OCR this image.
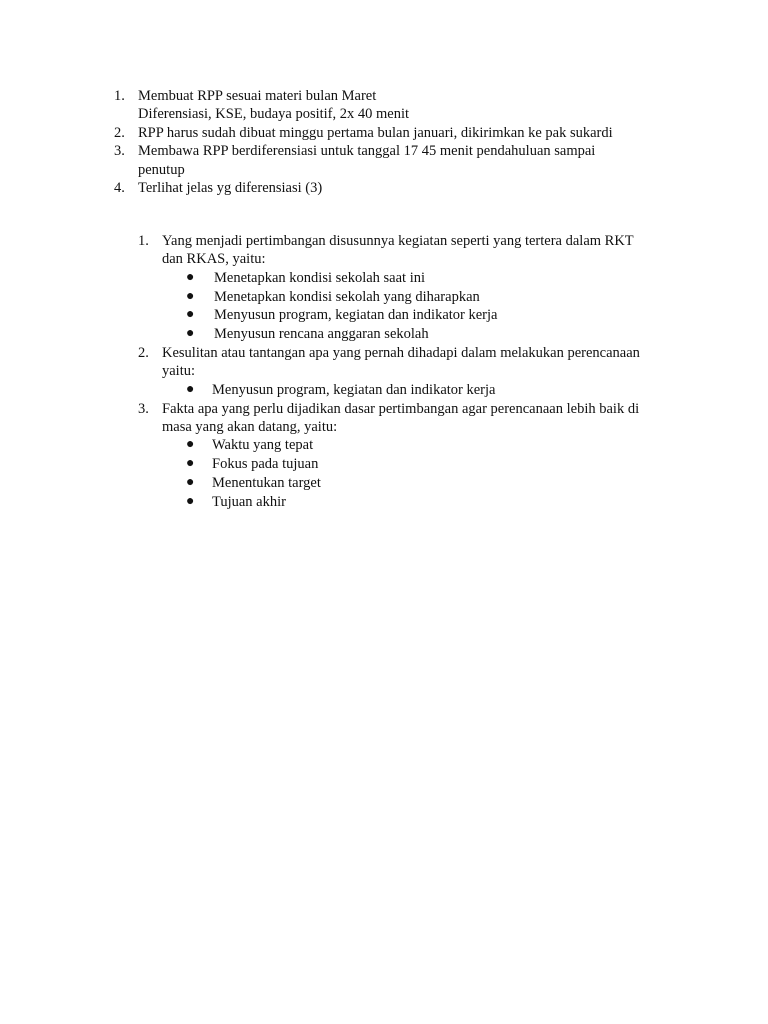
1. Membuat RPP sesuai materi bulan Maret
Diferensiasi, KSE, budaya positif, 2x 40 menit
2. RPP harus sudah dibuat minggu pertama bulan januari, dikirimkan ke pak sukardi
3. Membawa RPP berdiferensiasi untuk tanggal 17 45 menit pendahuluan sampai
penutup
4. Terlihat jelas yg diferensiasi (3)
1. Yang menjadi pertimbangan disusunnya kegiatan seperti yang tertera dalam RKT
dan RKAS, yaitu:
●	Menetapkan kondisi sekolah saat ini
●	Menetapkan kondisi sekolah yang diharapkan
●	Menyusun program, kegiatan dan indikator kerja
●	Menyusun rencana anggaran sekolah
2. Kesulitan atau tantangan apa yang pernah dihadapi dalam melakukan perencanaan
yaitu:
●	Menyusun program, kegiatan dan indikator kerja
3. Fakta apa yang perlu dijadikan dasar pertimbangan agar perencanaan lebih baik di
masa yang akan datang, yaitu:
●	Waktu yang tepat
●	Fokus pada tujuan
●	Menentukan target
●	Tujuan akhir
